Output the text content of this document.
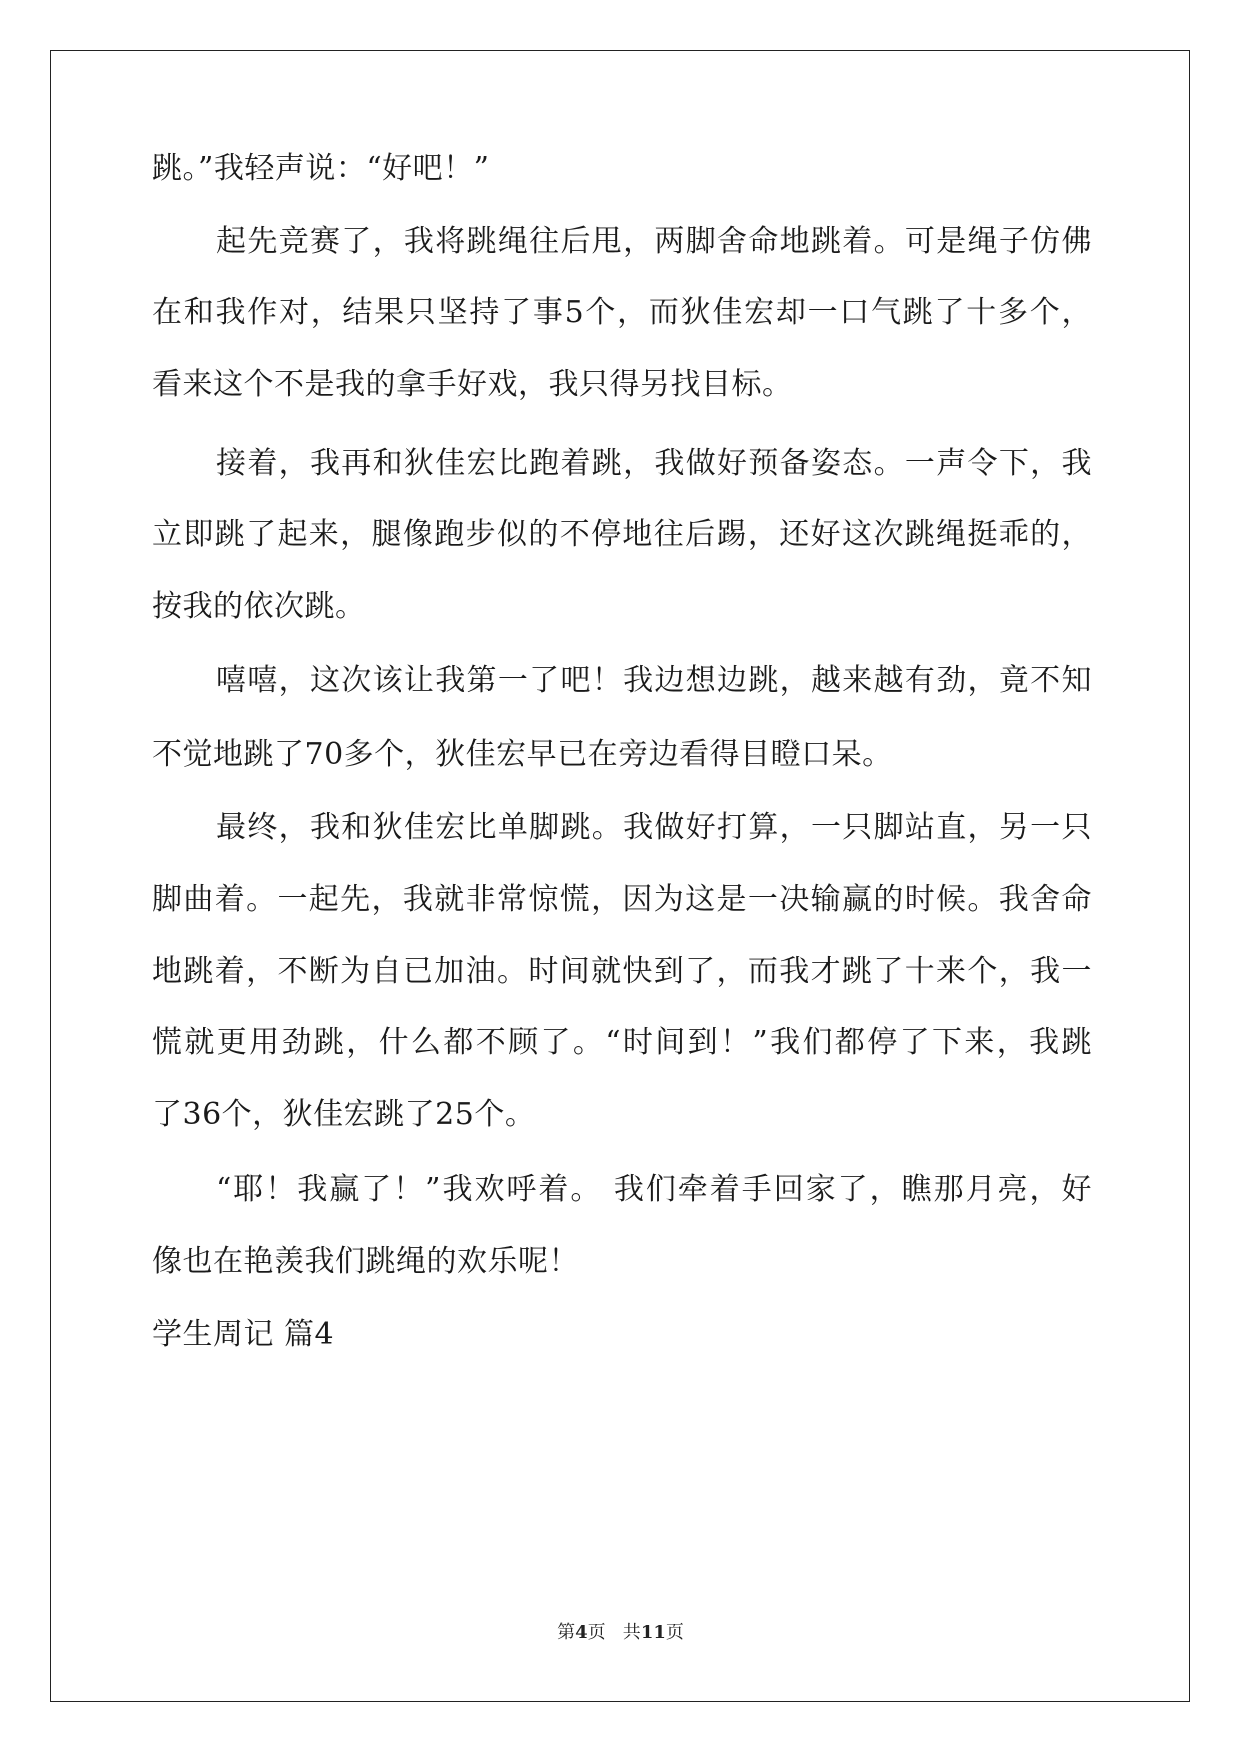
跳。”我轻声说：“好吧！”
起先竞赛了，我将跳绳往后甩，两脚舍命地跳着。可是绳子仿佛
在和我作对，结果只坚持了事5个，而狄佳宏却一口气跳了十多个，
看来这个不是我的拿手好戏，我只得另找目标。
接着，我再和狄佳宏比跑着跳，我做好预备姿态。一声令下，我
立即跳了起来，腿像跑步似的不停地往后踢，还好这次跳绳挺乖的，
按我的依次跳。
嘻嘻，这次该让我第一了吧！我边想边跳，越来越有劲，竟不知
不觉地跳了70多个，狄佳宏早已在旁边看得目瞪口呆。
最终，我和狄佳宏比单脚跳。我做好打算，一只脚站直，另一只
脚曲着。一起先，我就非常惊慌，因为这是一决输赢的时候。我舍命
地跳着，不断为自已加油。时间就快到了，而我才跳了十来个，我一
慌就更用劲跳，什么都不顾了。“时间到！”我们都停了下来，我跳
了36个，狄佳宏跳了25个。
“耶！我赢了！”我欢呼着。 我们牵着手回家了，瞧那月亮，好
像也在艳羡我们跳绳的欢乐呢！
学生周记 篇4
第4页   共11页
